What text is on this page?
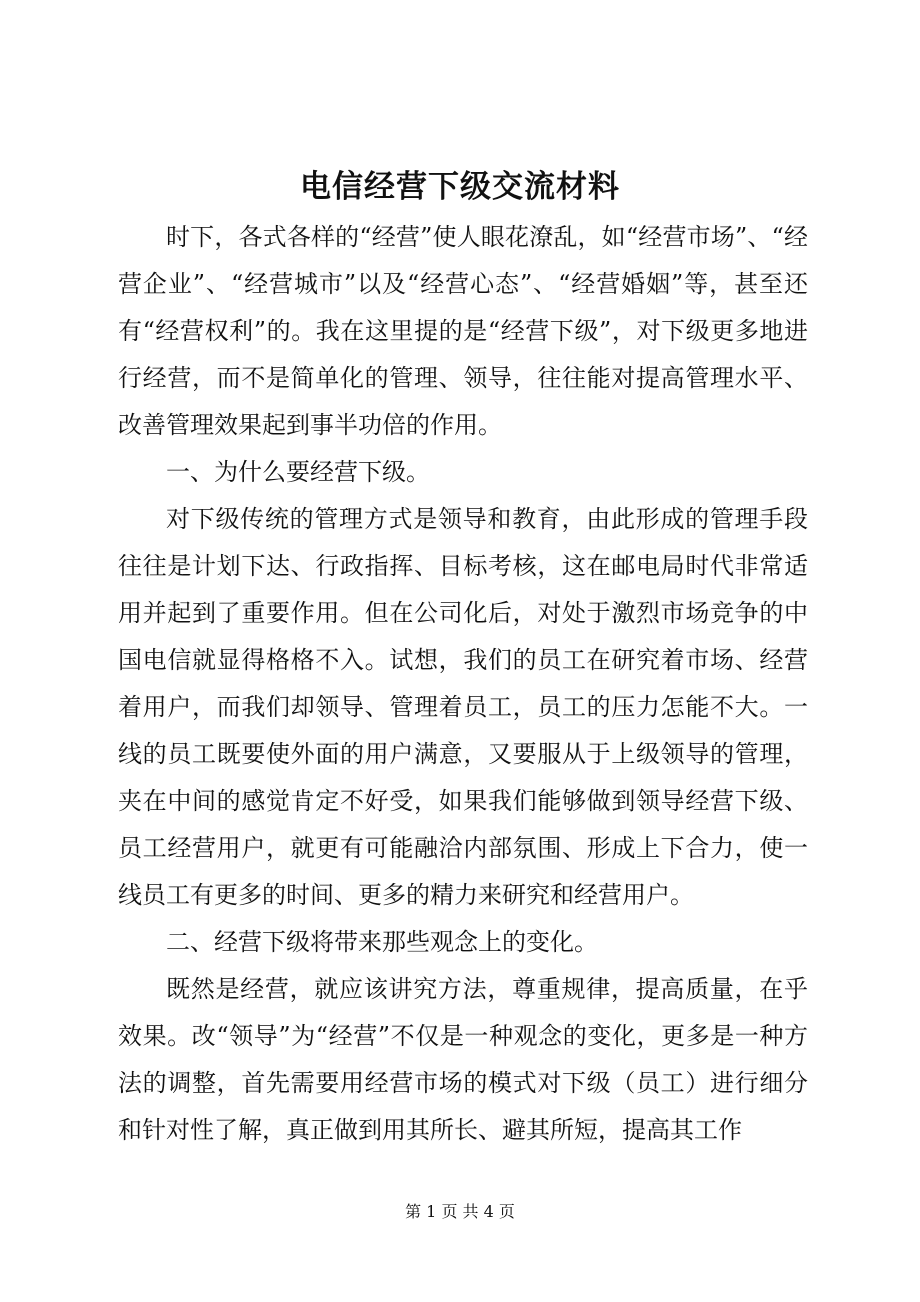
电信经营下级交流材料

时下，各式各样的“经营”使人眼花潦乱，如“经营市场”、“经营企业”、“经营城市”以及“经营心态”、“经营婚姻”等，甚至还有“经营权利”的。我在这里提的是“经营下级”，对下级更多地进行经营，而不是简单化的管理、领导，往往能对提高管理水平、改善管理效果起到事半功倍的作用。

一、为什么要经营下级。

对下级传统的管理方式是领导和教育，由此形成的管理手段往往是计划下达、行政指挥、目标考核，这在邮电局时代非常适用并起到了重要作用。但在公司化后，对处于激烈市场竞争的中国电信就显得格格不入。试想，我们的员工在研究着市场、经营着用户，而我们却领导、管理着员工，员工的压力怎能不大。一线的员工既要使外面的用户满意，又要服从于上级领导的管理，夹在中间的感觉肯定不好受，如果我们能够做到领导经营下级、员工经营用户，就更有可能融洽内部氛围、形成上下合力，使一线员工有更多的时间、更多的精力来研究和经营用户。

二、经营下级将带来那些观念上的变化。

既然是经营，就应该讲究方法，尊重规律，提高质量，在乎效果。改“领导”为“经营”不仅是一种观念的变化，更多是一种方法的调整，首先需要用经营市场的模式对下级（员工）进行细分和针对性了解，真正做到用其所长、避其所短，提高其工作

第 1 页 共 4 页
